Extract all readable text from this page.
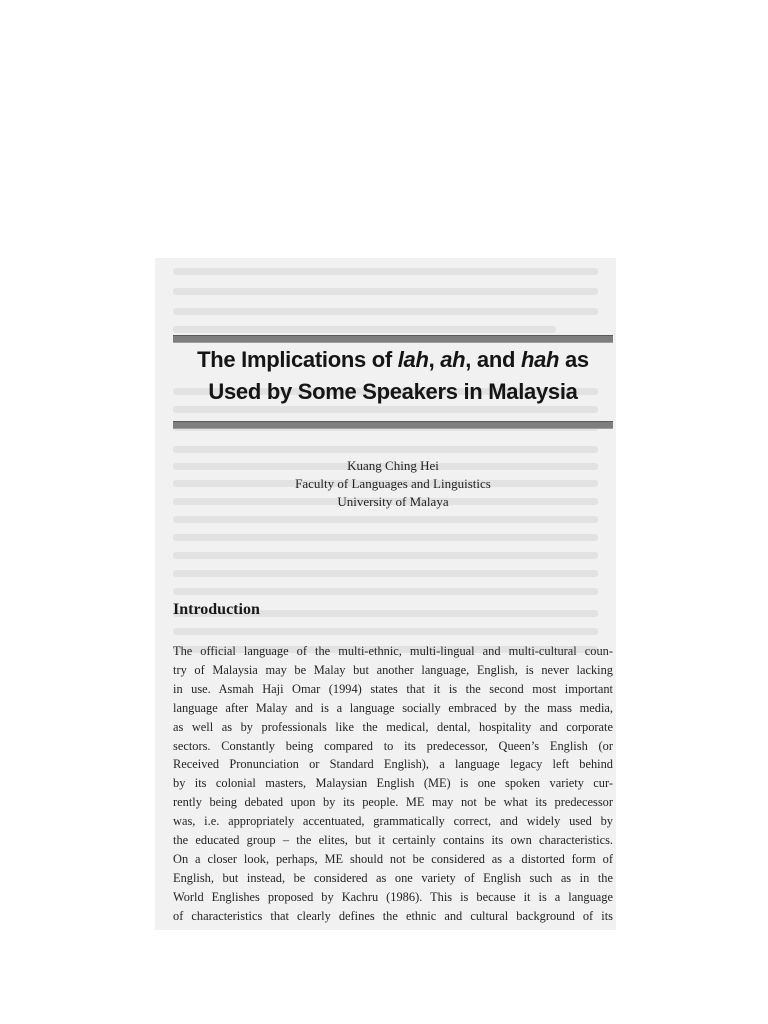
The Implications of lah, ah, and hah as
Used by Some Speakers in Malaysia
Kuang Ching Hei
Faculty of Languages and Linguistics
University of Malaya
Introduction
The official language of the multi-ethnic, multi-lingual and multi-cultural coun-
try of Malaysia may be Malay but another language, English, is never lacking
in use. Asmah Haji Omar (1994) states that it is the second most important
language after Malay and is a language socially embraced by the mass media,
as well as by professionals like the medical, dental, hospitality and corporate
sectors. Constantly being compared to its predecessor, Queen’s English (or
Received Pronunciation or Standard English), a language legacy left behind
by its colonial masters, Malaysian English (ME) is one spoken variety cur-
rently being debated upon by its people. ME may not be what its predecessor
was, i.e. appropriately accentuated, grammatically correct, and widely used by
the educated group – the elites, but it certainly contains its own characteristics.
On a closer look, perhaps, ME should not be considered as a distorted form of
English, but instead, be considered as one variety of English such as in the
World Englishes proposed by Kachru (1986). This is because it is a language
of characteristics that clearly defines the ethnic and cultural background of its
